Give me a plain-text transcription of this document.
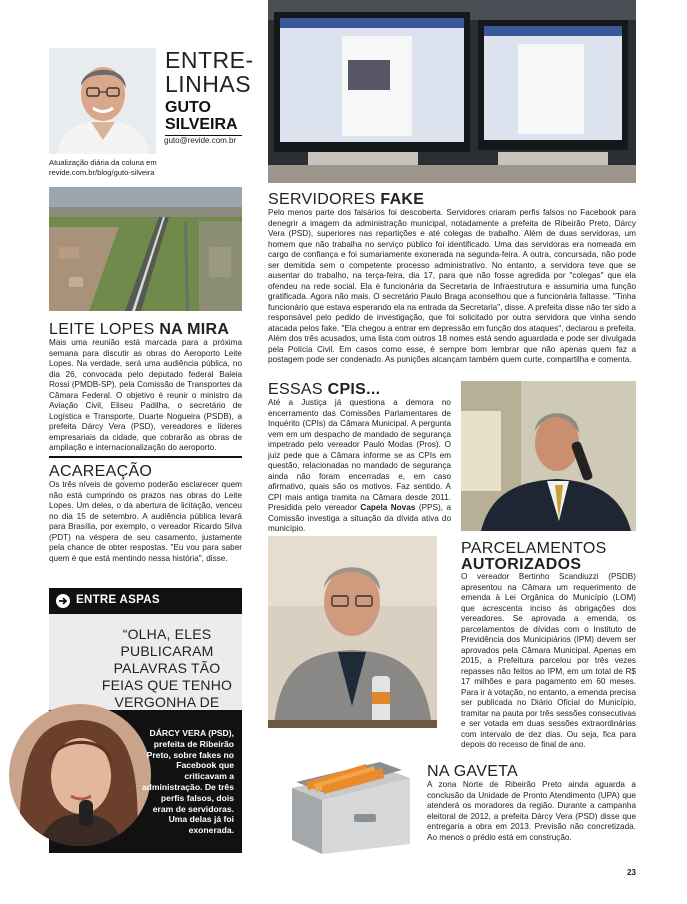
ENTRE-
LINHAS
GUTO
SILVEIRA
guto@revide.com.br
Atualização diária da coluna em
revide.com.br/blog/guto-silveira
LEITE LOPES NA MIRA
Mais uma reunião está marcada para a próxima semana para discutir as obras do Aeroporto Leite Lopes. Na verdade, será uma audiência pública, no dia 26, convocada pelo deputado federal Baleia Rossi (PMDB-SP), pela Comissão de Transportes da Câmara Federal. O objetivo é reunir o ministro da Aviação Civil, Eliseu Padilha, o secretário de Logística e Transporte, Duarte Nogueira (PSDB), a prefeita Dárcy Vera (PSD), vereadores e líderes empresariais da cidade, que cobrarão as obras de ampliação e internacionalização do aeroporto.
ACAREAÇÃO
Os três níveis de governo poderão esclarecer quem não está cumprindo os prazos nas obras do Leite Lopes. Um deles, o da abertura de licitação, venceu no dia 15 de setembro. A audiência pública levará para Brasília, por exemplo, o vereador Ricardo Silva (PDT) na véspera de seu casamento, justamente pela chance de obter respostas. "Eu vou para saber quem é que está mentindo nessa história", disse.
ENTRE ASPAS
“OLHA, ELES PUBLICARAM PALAVRAS TÃO FEIAS QUE TENHO VERGONHA DE
DÁRCY VERA (PSD), prefeita de Ribeirão Preto, sobre fakes no Facebook que criticavam a administração. De três perfis falsos, dois eram de servidoras. Uma delas já foi exonerada.
SERVIDORES FAKE
Pelo menos parte dos falsários foi descoberta. Servidores criaram perfis falsos no Facebook para denegrir a imagem da administração municipal, notadamente a prefeita de Ribeirão Preto, Dárcy Vera (PSD), superiores nas repartições e até colegas de trabalho. Além de duas servidoras, um homem que não trabalha no serviço público foi identificado. Uma das servidoras era nomeada em cargo de confiança e foi sumariamente exonerada na segunda-feira. A outra, concursada, não pode ser demitida sem o competente processo administrativo. No entanto, a servidora teve que se ausentar do trabalho, na terça-feira, dia 17, para que não fosse agredida por "colegas" que ela ofendeu na rede social. Ela é funcionária da Secretaria de Infraestrutura e assumiria uma função gratificada. Agora não mais. O secretário Paulo Braga aconselhou que a funcionária faltasse. "Tinha funcionário que estava esperando ela na entrada da Secretaria", disse. A prefeita disse não ter sido a responsável pelo pedido de investigação, que foi solicitado por outra servidora que vinha sendo atacada pelos fake. "Ela chegou a entrar em depressão em função dos ataques", declarou a prefeita. Além dos três acusados, uma lista com outros 18 nomes está sendo aguardada e pode ser divulgada pela Polícia Civil. Em casos como esse, é sempre bom lembrar que não apenas quem faz a postagem pode ser condenado. As punições alcançam também quem curte, compartilha e comenta.
ESSAS CPIS...
Até a Justiça já questiona a demora no encerramento das Comissões Parlamentares de Inquérito (CPIs) da Câmara Municipal. A pergunta vem em um despacho de mandado de segurança impetrado pelo vereador Paulo Modas (Pros). O juiz pede que a Câmara informe se as CPIs em questão, relacionadas no mandado de segurança ainda não foram encerradas e, em caso afirmativo, quais são os motivos. Faz sentido. A CPI mais antiga tramita na Câmara desde 2011. Presidida pelo vereador Capela Novas (PPS), a Comissão investiga a situação da dívida ativa do município.
PARCELAMENTOS
AUTORIZADOS
O vereador Bertinho Scandiuzzi (PSDB) apresentou na Câmara um requerimento de emenda à Lei Orgânica do Município (LOM) que acrescenta inciso às obrigações dos vereadores. Se aprovada a emenda, os parcelamentos de dívidas com o Instituto de Previdência dos Municipiários (IPM) devem ser aprovados pela Câmara Municipal. Apenas em 2015, a Prefeitura parcelou por três vezes repasses não feitos ao IPM, em um total de R$ 17 milhões e para pagamento em 60 meses. Para ir à votação, no entanto, a emenda precisa ser publicada no Diário Oficial do Município, tramitar na pauta por três sessões consecutivas e ser votada em duas sessões extraordinárias com intervalo de dez dias. Ou seja, fica para depois do recesso de final de ano.
NA GAVETA
A zona Norte de Ribeirão Preto ainda aguarda a conclusão da Unidade de Pronto Atendimento (UPA) que atenderá os moradores da região. Durante a campanha eleitoral de 2012, a prefeita Dárcy Vera (PSD) disse que entregaria a obra em 2013. Previsão não concretizada. Ao menos o prédio está em construção.
23
